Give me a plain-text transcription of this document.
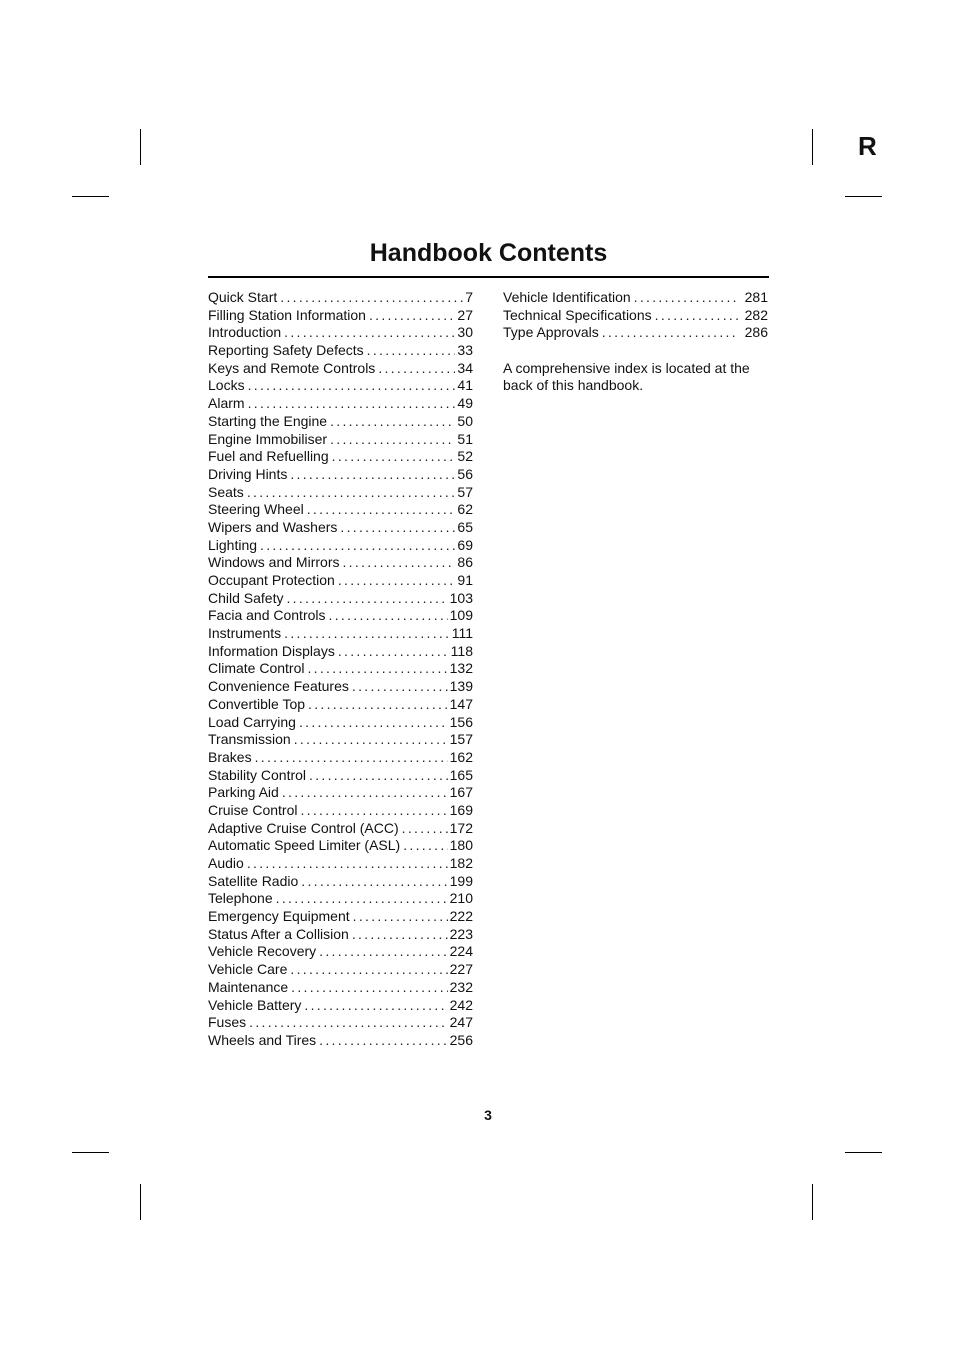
R
Handbook Contents
Quick Start .....	7
Filling Station Information .....	27
Introduction .....	30
Reporting Safety Defects .....	33
Keys and Remote Controls .....	34
Locks .....	41
Alarm .....	49
Starting the Engine .....	50
Engine Immobiliser .....	51
Fuel and Refuelling .....	52
Driving Hints .....	56
Seats .....	57
Steering Wheel .....	62
Wipers and Washers .....	65
Lighting .....	69
Windows and Mirrors .....	86
Occupant Protection .....	91
Child Safety .....	103
Facia and Controls .....	109
Instruments .....	111
Information Displays .....	118
Climate Control .....	132
Convenience Features .....	139
Convertible Top .....	147
Load Carrying .....	156
Transmission .....	157
Brakes .....	162
Stability Control .....	165
Parking Aid .....	167
Cruise Control .....	169
Adaptive Cruise Control (ACC) .....	172
Automatic Speed Limiter (ASL) .....	180
Audio .....	182
Satellite Radio .....	199
Telephone .....	210
Emergency Equipment .....	222
Status After a Collision .....	223
Vehicle Recovery .....	224
Vehicle Care .....	227
Maintenance .....	232
Vehicle Battery .....	242
Fuses .....	247
Wheels and Tires .....	256
Vehicle Identification .....	281
Technical Specifications .....	282
Type Approvals .....	286
A comprehensive index is located at the back of this handbook.
3
